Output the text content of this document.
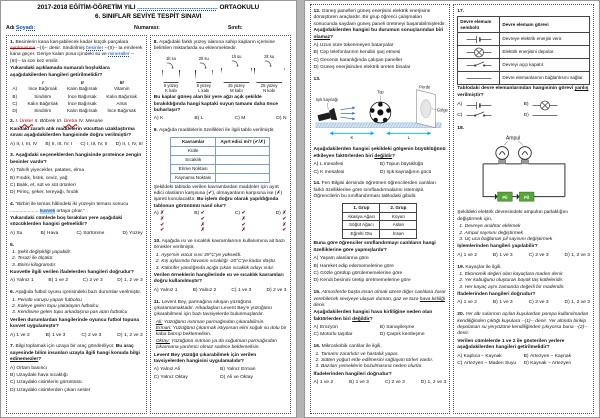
2017-2018 EĞİTİM-ÖĞRETİM YILI .............................................. ORTAOKULU
6. SINIFLAR SEVİYE TESPİT SINAVI
Adı Soyadı:	Numarası:	Sınıfı:
1. Besinlerin kana karışabilecek kadar küçük parçalara ayrılmasına --(I)-- denir. Sindirilmiş besinler --(II)-- ta emilerek kana geçer. Geriye kalan posa içindeki su ve mineraller --(III)-- ta son kez emilir.
Yukarıdaki açıklamada numaralı boşluklara aşağıdakilerden hangileri getirilmelidir?
	I	II	III
A)	İnce Bağırsak	Kalın Bağırsak	Vitamin
B)	Sindirim	İnce Bağırsak	Kalın Bağırsak
C)	Kalın Bağırsak	İnce Bağırsak	Anüs
D)	Sindirim	Kalın Bağırsak	İnce Bağırsak
2. I. Üreter II. Böbrek III. Üretra IV. Mesane
Kandaki zararlı atık maddelerin vücuttan uzaklaştırma sırası aşağıdakilerden hangisinde doğru verilmiştir?
A) II, I, III, IV B) II, III, IV, I C) I, III, IV, II D) II, I, IV, III
3. Aşağıdaki seçeneklerden hangisinde proteince zengin besinler vardır?
A) Tahıllı yiyecekler, patates, elma
B) Fındık, fıstık, ceviz, yağ
C) Balık, et, süt ve süt ürünleri
D) Pirinç, şeker, tereyağı, fındık
4. “Birbiri ile temas hâlindeki iki yüzeyin teması sonucu ..................... kuvveti ortaya çıkar.”
Yukarıdaki cümlede boş bırakılan yere aşağıdaki sözcüklerden hangisi gelmelidir?
A) Su	B) Hava	C) Sürtünme	D) Yüzey
5.
1. Şekil değişikliği yapabilir.
2. Terazi ile ölçülür.
3. Birimi kilogramdır.
Kuvvetle ilgili verilen ifadelerden hangileri doğrudur?
A) Yalnız 1	B) 1 ve 2	C) 2 ve 3	D) 1, 2 ve 3
6. Aşağıda futbol oyunu içerisindeki bazı durumlar verilmiştir.
1. Penaltı vuruşu yapan futbolcu
2. Kaleye gelen topu yakalayan futbolcu
3. Kendisine gelen topu arkadaşına pas atan futbolcu
Verilen durumlardan hangilerinde oyuncu futbol topuna kuvvet uygulamıştır?
A) 1 ve 2	B) 1 ve 3	C) 2 ve 3	D) 1, 2 ve 3
7. Bilgi toplamak için uzaya bir araç gönderiliyor. Bu araç sayesinde bilim insanları uzayla ilgili hangi konuda bilgi edinemezler?
A) Ortam basıncı
B) Uzaydaki hava sıcaklığı
C) Uzaydaki cisimlerin görüntüsü
D) Uzaydaki cisimlerden çıkan sesler
8. Aşağıdaki farklı yüzey alanına sahip kapların içerisine belirtilen miktarlarda su eklenmektedir.
1lt su
5 yüzey
K kabı
2lt su
5 yüzey
L kabı
1lt su
25 yüzey
M kabı
2lt su
25 yüzey
N kabı
Bu kaplar güneş alan bir yere ağzı açık şekilde bırakıldığında hangi kaptaki suyun tamamı daha önce buharlaşır?
A) K	B) L	C) M	D) N
9. Aşağıda maddelerin özellikleri ile ilgili tablo verilmiştir.
Kavramlar	Ayırt edici mi? (✔/✗)
Kütle	
Sıcaklık	
Erime Noktası	
Kaynama Noktası	
Şekildeki tabloda verilen kavramlardan maddeler için ayırt edici olanların karşısına (✔), olmayanların karşısına ise (✗) işareti konulacaktır. Bu işlem doğru olarak yapıldığında tablonun görünümü nasıl olur?
A) ✗
✗
✔
✔
B) ✔
✔
✗
✗
C) ✔
✗
✔
✗
D) ✗
✔
✗
✔
10. Aşağıda ısı ve sıcaklık kavramlarının kullanımına ait bazı örnekler verilmiştir.
1. Ayşe'nin vücut ısısı 39°C'ye yükseldi.
2. Kış aylarında havanın sıcaklığı -20°C'ye kadar düştü.
3. Kalorifer yandığında açığa çıkan sıcaklık odayı ısıtır.
Verilen örneklerin hangilerinde ısı ve sıcaklık kavramları doğru kullanılmıştır?
A) Yalnız 1	B) Yalnız 2	C) 1 ve 3	D) 2 ve 3
11. Levent Bey, parmağına sıkışan yüzüğünü çıkaramamaktadır. Arkadaşları Levent Bey'e yüzüğünü çıkarabilmesi için bazı tavsiyelerde bulunmuşlardır.
Ali: Yüzüğünü ısıtırsan parmağından çıkarabilirsin.
Erman: Yüzüğünü çıkarmak istiyorsan elini soğuk su dolu bir kaba batırıp beklemelisin.
Oktay: Yüzüğünü ısıtman ya da soğutman parmağından çıkarmana yardımcı olmaz sadece beklemelisin.
Levent Bey yüzüğü çıkarabilmek için verilen tavsiyelerden hangisini uygulamalıdır?
A) Yalnız Ali	B) Yalnız Erman
C) Yalnız Oktay	D) Ali ve Oktay
12. Güneş panelleri güneş enerjisini elektrik enerjisine dönüştüren araçlardır. Bir grup öğrenci çalışmaları sonucunda saydam güneş paneli üretmeyi başarabilmişlerdir. Aşağıdakilerden hangisi bu durumun sonuçlarından biri olamaz?
A) Uzun süre tükenmeyen bataryalar
B) Cep telefonlarının kendini şarj etmesi
C) Gecenin karanlığında çalışan paneller
D) Güneş enerjisinden elektrik üreten binalar
13.
Işık kaynağı
Top
Perde
Gölge
K	L
Aşağıdakilerden hangisi şekildeki gölgenin büyüklüğünü etkileyen faktörlerden biri değildir?
A) L mesafesi	B) Topun büyüklüğü
C) K mesafesi	D) Işık kaynağının gücü
14. Fen Bilgisi dersinde öğretmen öğrencilerden canlıları farklı özelliklerine göre sınıflandırmalarını istemiştir. Öğrencilerin bu sınıflandırması tablodaki gibidir.
1. Grup	2. Grup
Akasya Ağacı	Koyun
Söğüt Ağacı	Aslan
Eğrelti Otu	İnsan
Buna göre öğrenciler sınıflandırmayı canlıların hangi özelliklerine göre yapmışlardır?
A) Yaşam alanlarına göre
B) Hareket edip edememelerine göre
C) Gözle görülüp görülememelerine göre
D) Kendi besinini üretip üretmemelerine göre
15. Atmosferde başta insan olmak üzere diğer canlılara zarar verebilecek seviyeye ulaşan duman, gaz ve toza hava kirliliği denir.
Aşağıdakilerden hangisi hava kirliliğine neden olan faktörlerden biri değildir?
A) Erozyon	B) Sanayileşme
C) Motorlu taşıtlar	D) Çarpık kentleşme
16. Mikroskobik canlılar ile ilgili,
1. Tamamı zararlıdır ve hastalık yapar.
2. Sütten yoğurt elde edilmesini sağlayan türleri vardır.
3. Bazıları yemeklerin bozulmasına neden olurlar.
İfadelerinden hangileri doğrudur?
A) 1 ve 2	B) 1 ve 3	C) 2 ve 3	D) 1, 2 ve 3
17.
Devre elemanı sembolü	Devre elemanı görevi
	Devreye elektrik enerjisi verir.
	Elektrik enerjisini depolar.
	Devreyi açıp kapatır.
	Devre elemanlarının bağlantısını sağlar.
Tablodaki devre elemanlarından hangisinin görevi yanlış verilmiştir?
A)	B)
C)	D)
18.
Ampul
Pil	Pil
Şekildeki elektrik devresindeki ampulün parlaklığını değiştirmek için,
1. Devreye anahtar eklemek
2. Ampul sayısını değiştirmek
3. Uç uca bağlanan pil sayısını değiştirmek
İşlemlerinden hangileri yapılabilir?
A) 1 ve 2	B) 1 ve 3	C) 2 ve 3	D) 1, 2 ve 3
19. Kayaçlar ile ilgili,
1. Ekonomik değeri olan kayaçlara maden denir.
2. Yer kabuğunu oluşturan büyük taş kütleleridir.
3. Her kayaç aynı zamanda değerli bir madendir.
İfadelerinden hangileri doğrudur?
A) 1 ve 2	B) 1 ve 3	C) 2 ve 3	D) 1, 2 ve 3
20. Yer altı sularının açılan kuyulardan pompa kullanılmadan kendiliğinden çıktığı kuyulara --(1)-- denir. Yer altında birikip depolanan su yeryüzüne kendiliğinden çıkıyorsa buna --(2)-- denir.
Verilen cümlelerde 1 ve 2 ile gösterilen yerlere aşağıdakilerden hangileri getirilmelidir?
A) Kaplıca – Kaynak	B) Artezyen – Kaynak
C) Artezyen – Maden Suyu	D) Kaynak – Artezyen
